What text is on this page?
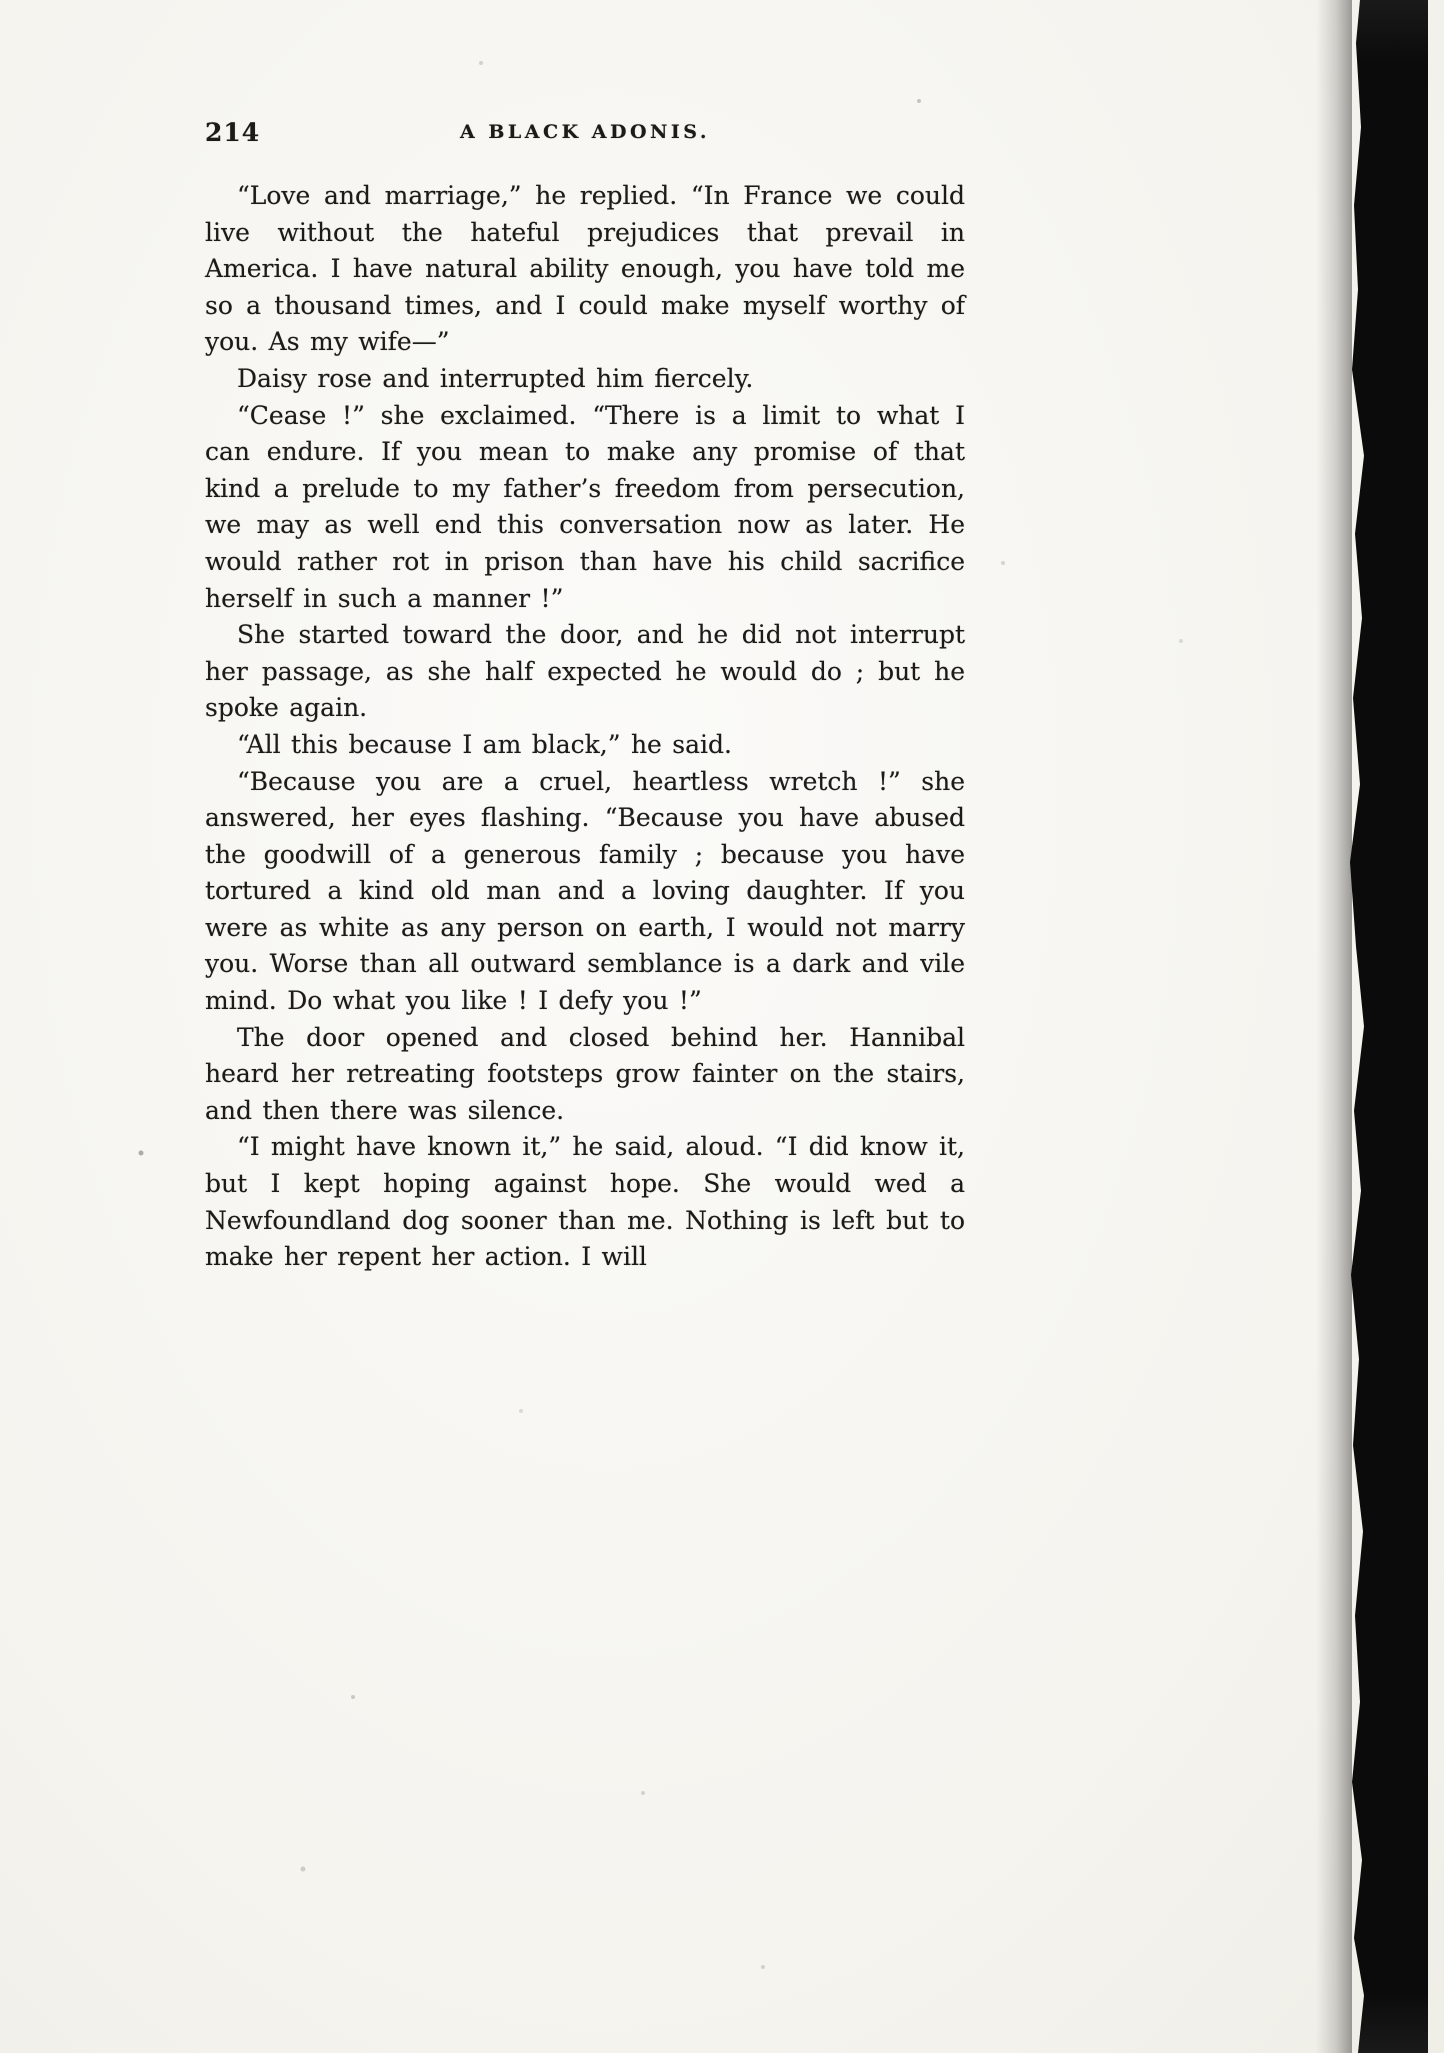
214	A BLACK ADONIS.

“Love and marriage,” he replied. “In France we could live without the hateful prejudices that prevail in America. I have natural ability enough, you have told me so a thousand times, and I could make myself worthy of you. As my wife—”

Daisy rose and interrupted him fiercely.

“Cease !” she exclaimed. “There is a limit to what I can endure. If you mean to make any promise of that kind a prelude to my father’s freedom from persecution, we may as well end this conversation now as later. He would rather rot in prison than have his child sacrifice herself in such a manner !”

She started toward the door, and he did not interrupt her passage, as she half expected he would do ; but he spoke again.

“All this because I am black,” he said.

“Because you are a cruel, heartless wretch !” she answered, her eyes flashing. “Because you have abused the goodwill of a generous family ; because you have tortured a kind old man and a loving daughter. If you were as white as any person on earth, I would not marry you. Worse than all outward semblance is a dark and vile mind. Do what you like ! I defy you !”

The door opened and closed behind her. Hannibal heard her retreating footsteps grow fainter on the stairs, and then there was silence.

“I might have known it,” he said, aloud. “I did know it, but I kept hoping against hope. She would wed a Newfoundland dog sooner than me. Nothing is left but to make her repent her action. I will
